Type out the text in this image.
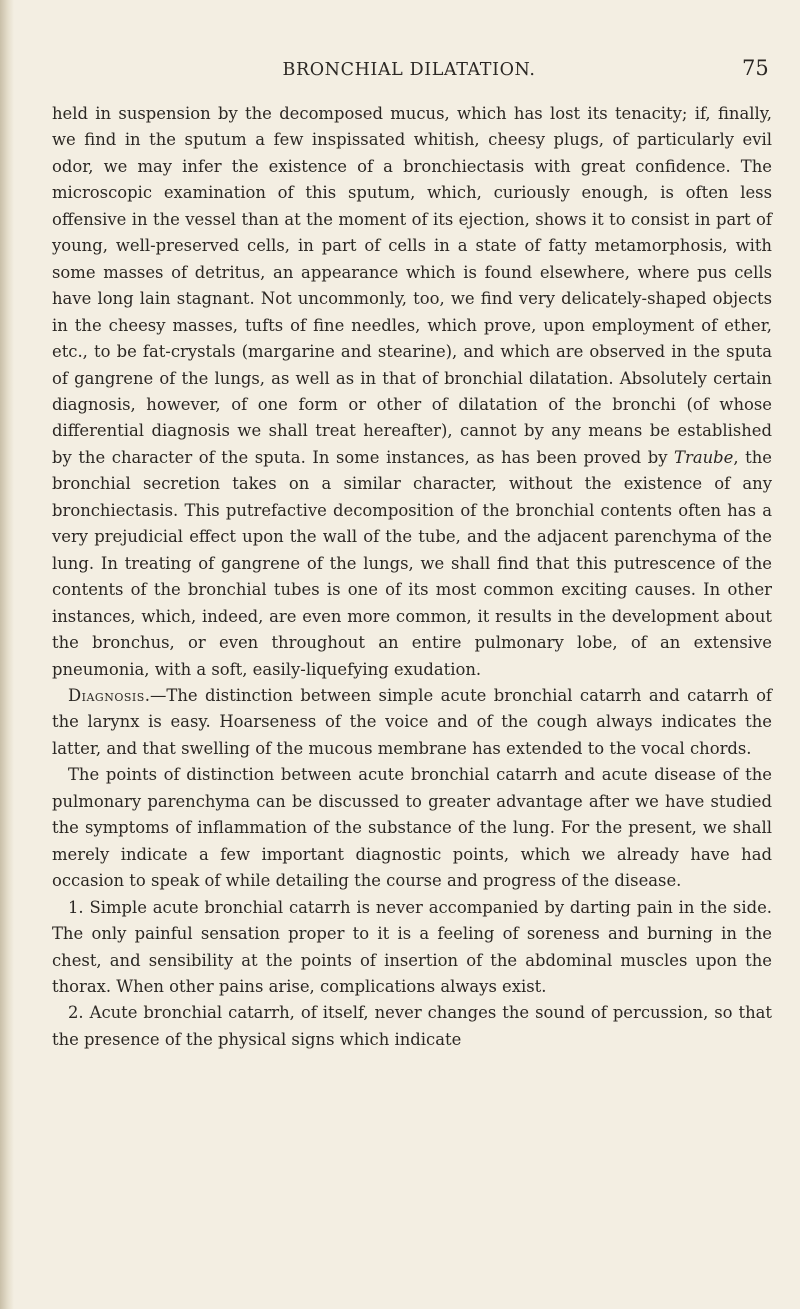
BRONCHIAL DILATATION.	75

held in suspension by the decomposed mucus, which has lost its tenacity; if, finally, we find in the sputum a few inspissated whitish, cheesy plugs, of particularly evil odor, we may infer the existence of a bronchiectasis with great confidence. The microscopic examination of this sputum, which, curiously enough, is often less offensive in the vessel than at the moment of its ejection, shows it to consist in part of young, well-preserved cells, in part of cells in a state of fatty metamorphosis, with some masses of detritus, an appearance which is found elsewhere, where pus cells have long lain stagnant. Not uncommonly, too, we find very delicately-shaped objects in the cheesy masses, tufts of fine needles, which prove, upon employment of ether, etc., to be fat-crystals (margarine and stearine), and which are observed in the sputa of gangrene of the lungs, as well as in that of bronchial dilatation. Absolutely certain diagnosis, however, of one form or other of dilatation of the bronchi (of whose differential diagnosis we shall treat hereafter), cannot by any means be established by the character of the sputa. In some instances, as has been proved by Traube, the bronchial secretion takes on a similar character, without the existence of any bronchiectasis. This putrefactive decomposition of the bronchial contents often has a very prejudicial effect upon the wall of the tube, and the adjacent parenchyma of the lung. In treating of gangrene of the lungs, we shall find that this putrescence of the contents of the bronchial tubes is one of its most common exciting causes. In other instances, which, indeed, are even more common, it results in the development about the bronchus, or even throughout an entire pulmonary lobe, of an extensive pneumonia, with a soft, easily-liquefying exudation.

Diagnosis.—The distinction between simple acute bronchial catarrh and catarrh of the larynx is easy. Hoarseness of the voice and of the cough always indicates the latter, and that swelling of the mucous membrane has extended to the vocal chords.

The points of distinction between acute bronchial catarrh and acute disease of the pulmonary parenchyma can be discussed to greater advantage after we have studied the symptoms of inflammation of the substance of the lung. For the present, we shall merely indicate a few important diagnostic points, which we already have had occasion to speak of while detailing the course and progress of the disease.

1. Simple acute bronchial catarrh is never accompanied by darting pain in the side. The only painful sensation proper to it is a feeling of soreness and burning in the chest, and sensibility at the points of insertion of the abdominal muscles upon the thorax. When other pains arise, complications always exist.

2. Acute bronchial catarrh, of itself, never changes the sound of percussion, so that the presence of the physical signs which indicate
